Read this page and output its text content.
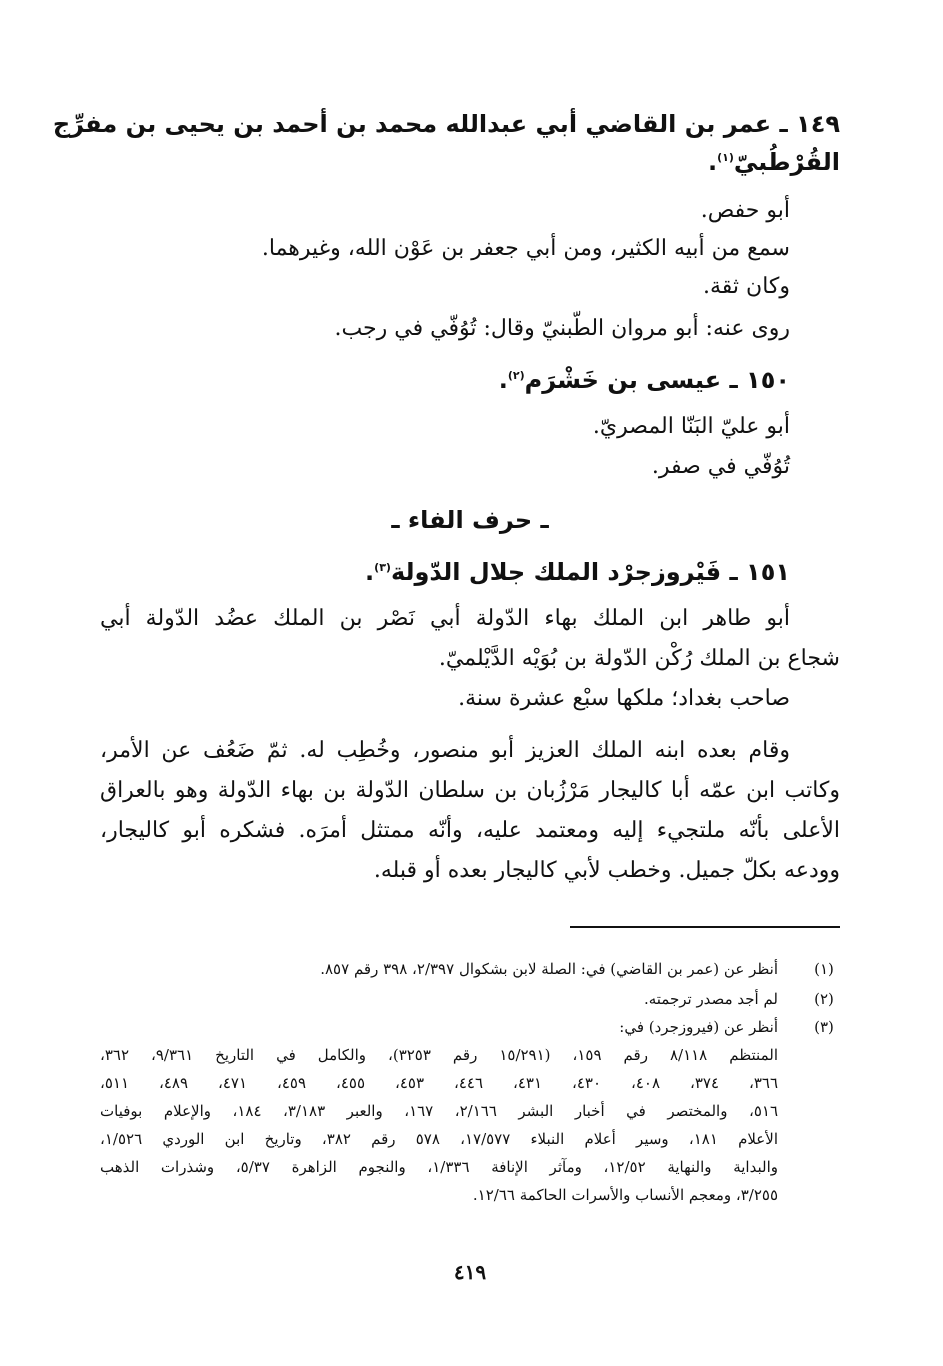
١٤٩ ـ عمر بن القاضي أبي عبدالله محمد بن أحمد بن يحيى بن مفرِّج
القُرْطُبيّ$^{(١)}$.
أبو حفص.
سمع من أبيه الكثير، ومن أبي جعفر بن عَوْن الله، وغيرهما.
وكان ثقة.
روى عنه: أبو مروان الطّبنيّ وقال: تُوُفّي في رجب.
١٥٠ ـ عيسى بن خَشْرَم$^{(٢)}$.
أبو عليّ البَنّا المصريّ.
تُوُفّي في صفر.
ـ حرف الفاء ـ
١٥١ ـ فَيْروزجرْد الملك جلال الدّولة$^{(٣)}$.
أبو طاهر ابن الملك بهاء الدّولة أبي نَصْر بن الملك عضُد الدّولة أبي
شجاع بن الملك رُكْن الدّولة بن بُوَيْه الدَّيْلميّ.
صاحب بغداد؛ ملكها سبْع عشرة سنة.
وقام بعده ابنه الملك العزيز أبو منصور، وخُطِب له. ثمّ ضَعُف عن الأمر،
وكاتب ابن عمّه أبا كاليجار مَرْزُبان بن سلطان الدّولة بن بهاء الدّولة وهو بالعراق
الأعلى بأنّه ملتجيء إليه ومعتمد عليه، وأنّه ممتثل أمرَه. فشكره أبو كاليجار،
وودعه بكلّ جميل. وخطب لأبي كاليجار بعده أو قبله.
(١)
أنظر عن (عمر بن القاضي) في: الصلة لابن بشكوال ٢/٣٩٧، ٣٩٨ رقم ٨٥٧.
(٢)
لم أجد مصدر ترجمته.
(٣)
أنظر عن (فيروزجرد) في:
المنتظم ٨/١١٨ رقم ١٥٩، (١٥/٢٩١ رقم ٣٢٥٣)، والكامل في التاريخ ٩/٣٦١، ٣٦٢،
٣٦٦، ٣٧٤، ٤٠٨، ٤٣٠، ٤٣١، ٤٤٦، ٤٥٣، ٤٥٥، ٤٥٩، ٤٧١، ٤٨٩، ٥١١،
٥١٦، والمختصر في أخبار البشر ٢/١٦٦، ١٦٧، والعبر ٣/١٨٣، ١٨٤، والإعلام بوفيات
الأعلام ١٨١، وسير أعلام النبلاء ١٧/٥٧٧، ٥٧٨ رقم ٣٨٢، وتاريخ ابن الوردي ١/٥٢٦،
والبداية والنهاية ١٢/٥٢، ومآثر الإنافة ١/٣٣٦، والنجوم الزاهرة ٥/٣٧، وشذرات الذهب
٣/٢٥٥، ومعجم الأنساب والأسرات الحاكمة ١٢/٦٦.
٤١٩
